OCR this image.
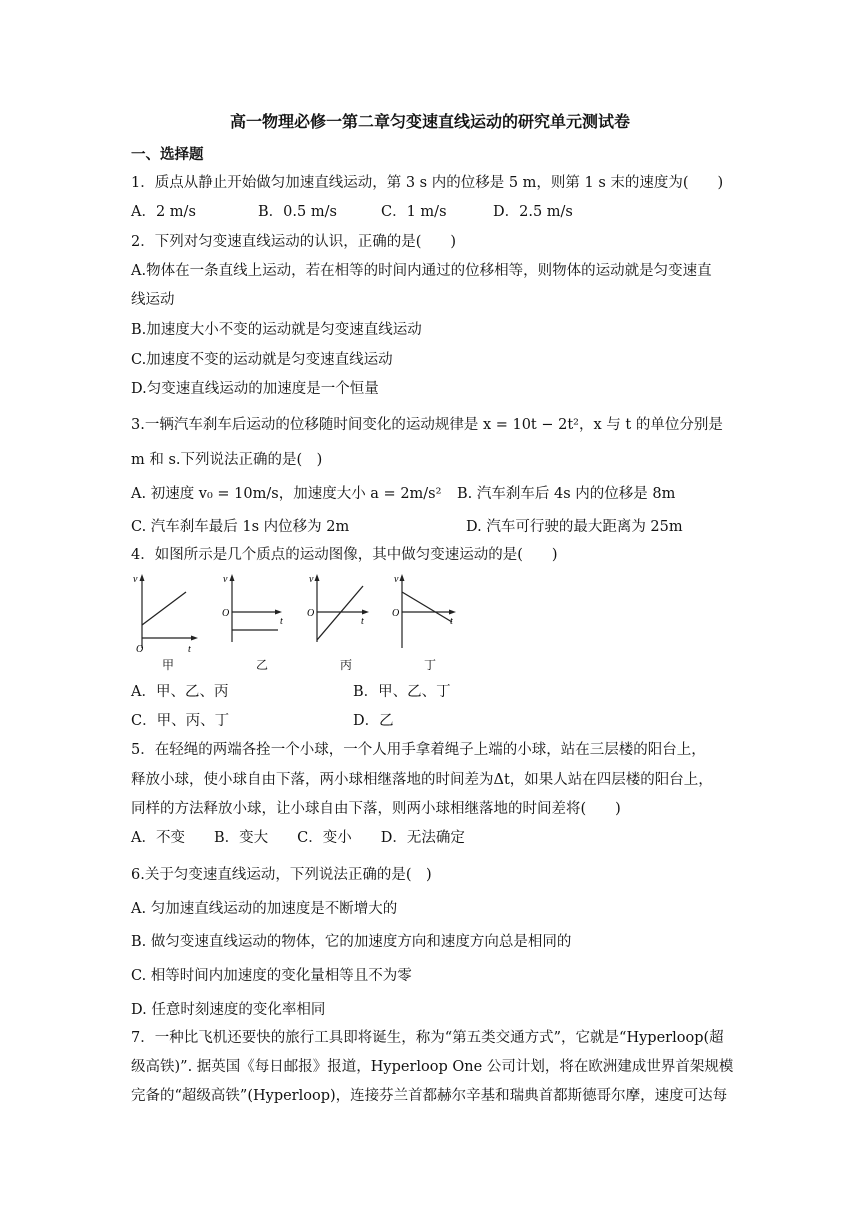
高一物理必修一第二章匀变速直线运动的研究单元测试卷
一、选择题
1．质点从静止开始做匀加速直线运动，第 3 s 内的位移是 5 m，则第 1 s 末的速度为(　　)
A．2 m/s	B．0.5 m/s	C．1 m/s	D．2.5 m/s
2．下列对匀变速直线运动的认识，正确的是(　　)
A.物体在一条直线上运动，若在相等的时间内通过的位移相等，则物体的运动就是匀变速直
线运动
B.加速度大小不变的运动就是匀变速直线运动
C.加速度不变的运动就是匀变速直线运动
D.匀变速直线运动的加速度是一个恒量
3.一辆汽车刹车后运动的位移随时间变化的运动规律是 x = 10t − 2t²，x 与 t 的单位分别是
m 和 s.下列说法正确的是(　)
A. 初速度 v₀ = 10m/s，加速度大小 a = 2m/s² B. 汽车刹车后 4s 内的位移是 8m
C. 汽车刹车最后 1s 内位移为 2m	D. 汽车可行驶的最大距离为 25m
4．如图所示是几个质点的运动图像，其中做匀变速运动的是(　　)
v
O	t
甲
v
O
t
乙
v
O
t
丙
v
O
t
丁
A．甲、乙、丙	B．甲、乙、丁
C．甲、丙、丁	D．乙
5．在轻绳的两端各拴一个小球，一个人用手拿着绳子上端的小球，站在三层楼的阳台上，
释放小球，使小球自由下落，两小球相继落地的时间差为Δt，如果人站在四层楼的阳台上，
同样的方法释放小球，让小球自由下落，则两小球相继落地的时间差将(　　)
A．不变　　B．变大　　C．变小　　D．无法确定
6.关于匀变速直线运动，下列说法正确的是(　)
A. 匀加速直线运动的加速度是不断增大的
B. 做匀变速直线运动的物体，它的加速度方向和速度方向总是相同的
C. 相等时间内加速度的变化量相等且不为零
D. 任意时刻速度的变化率相同
7．一种比飞机还要快的旅行工具即将诞生，称为“第五类交通方式”，它就是“Hyperloop(超
级高铁)”. 据英国《每日邮报》报道，Hyperloop One 公司计划，将在欧洲建成世界首架规模
完备的“超级高铁”(Hyperloop)，连接芬兰首都赫尔辛基和瑞典首都斯德哥尔摩，速度可达每
